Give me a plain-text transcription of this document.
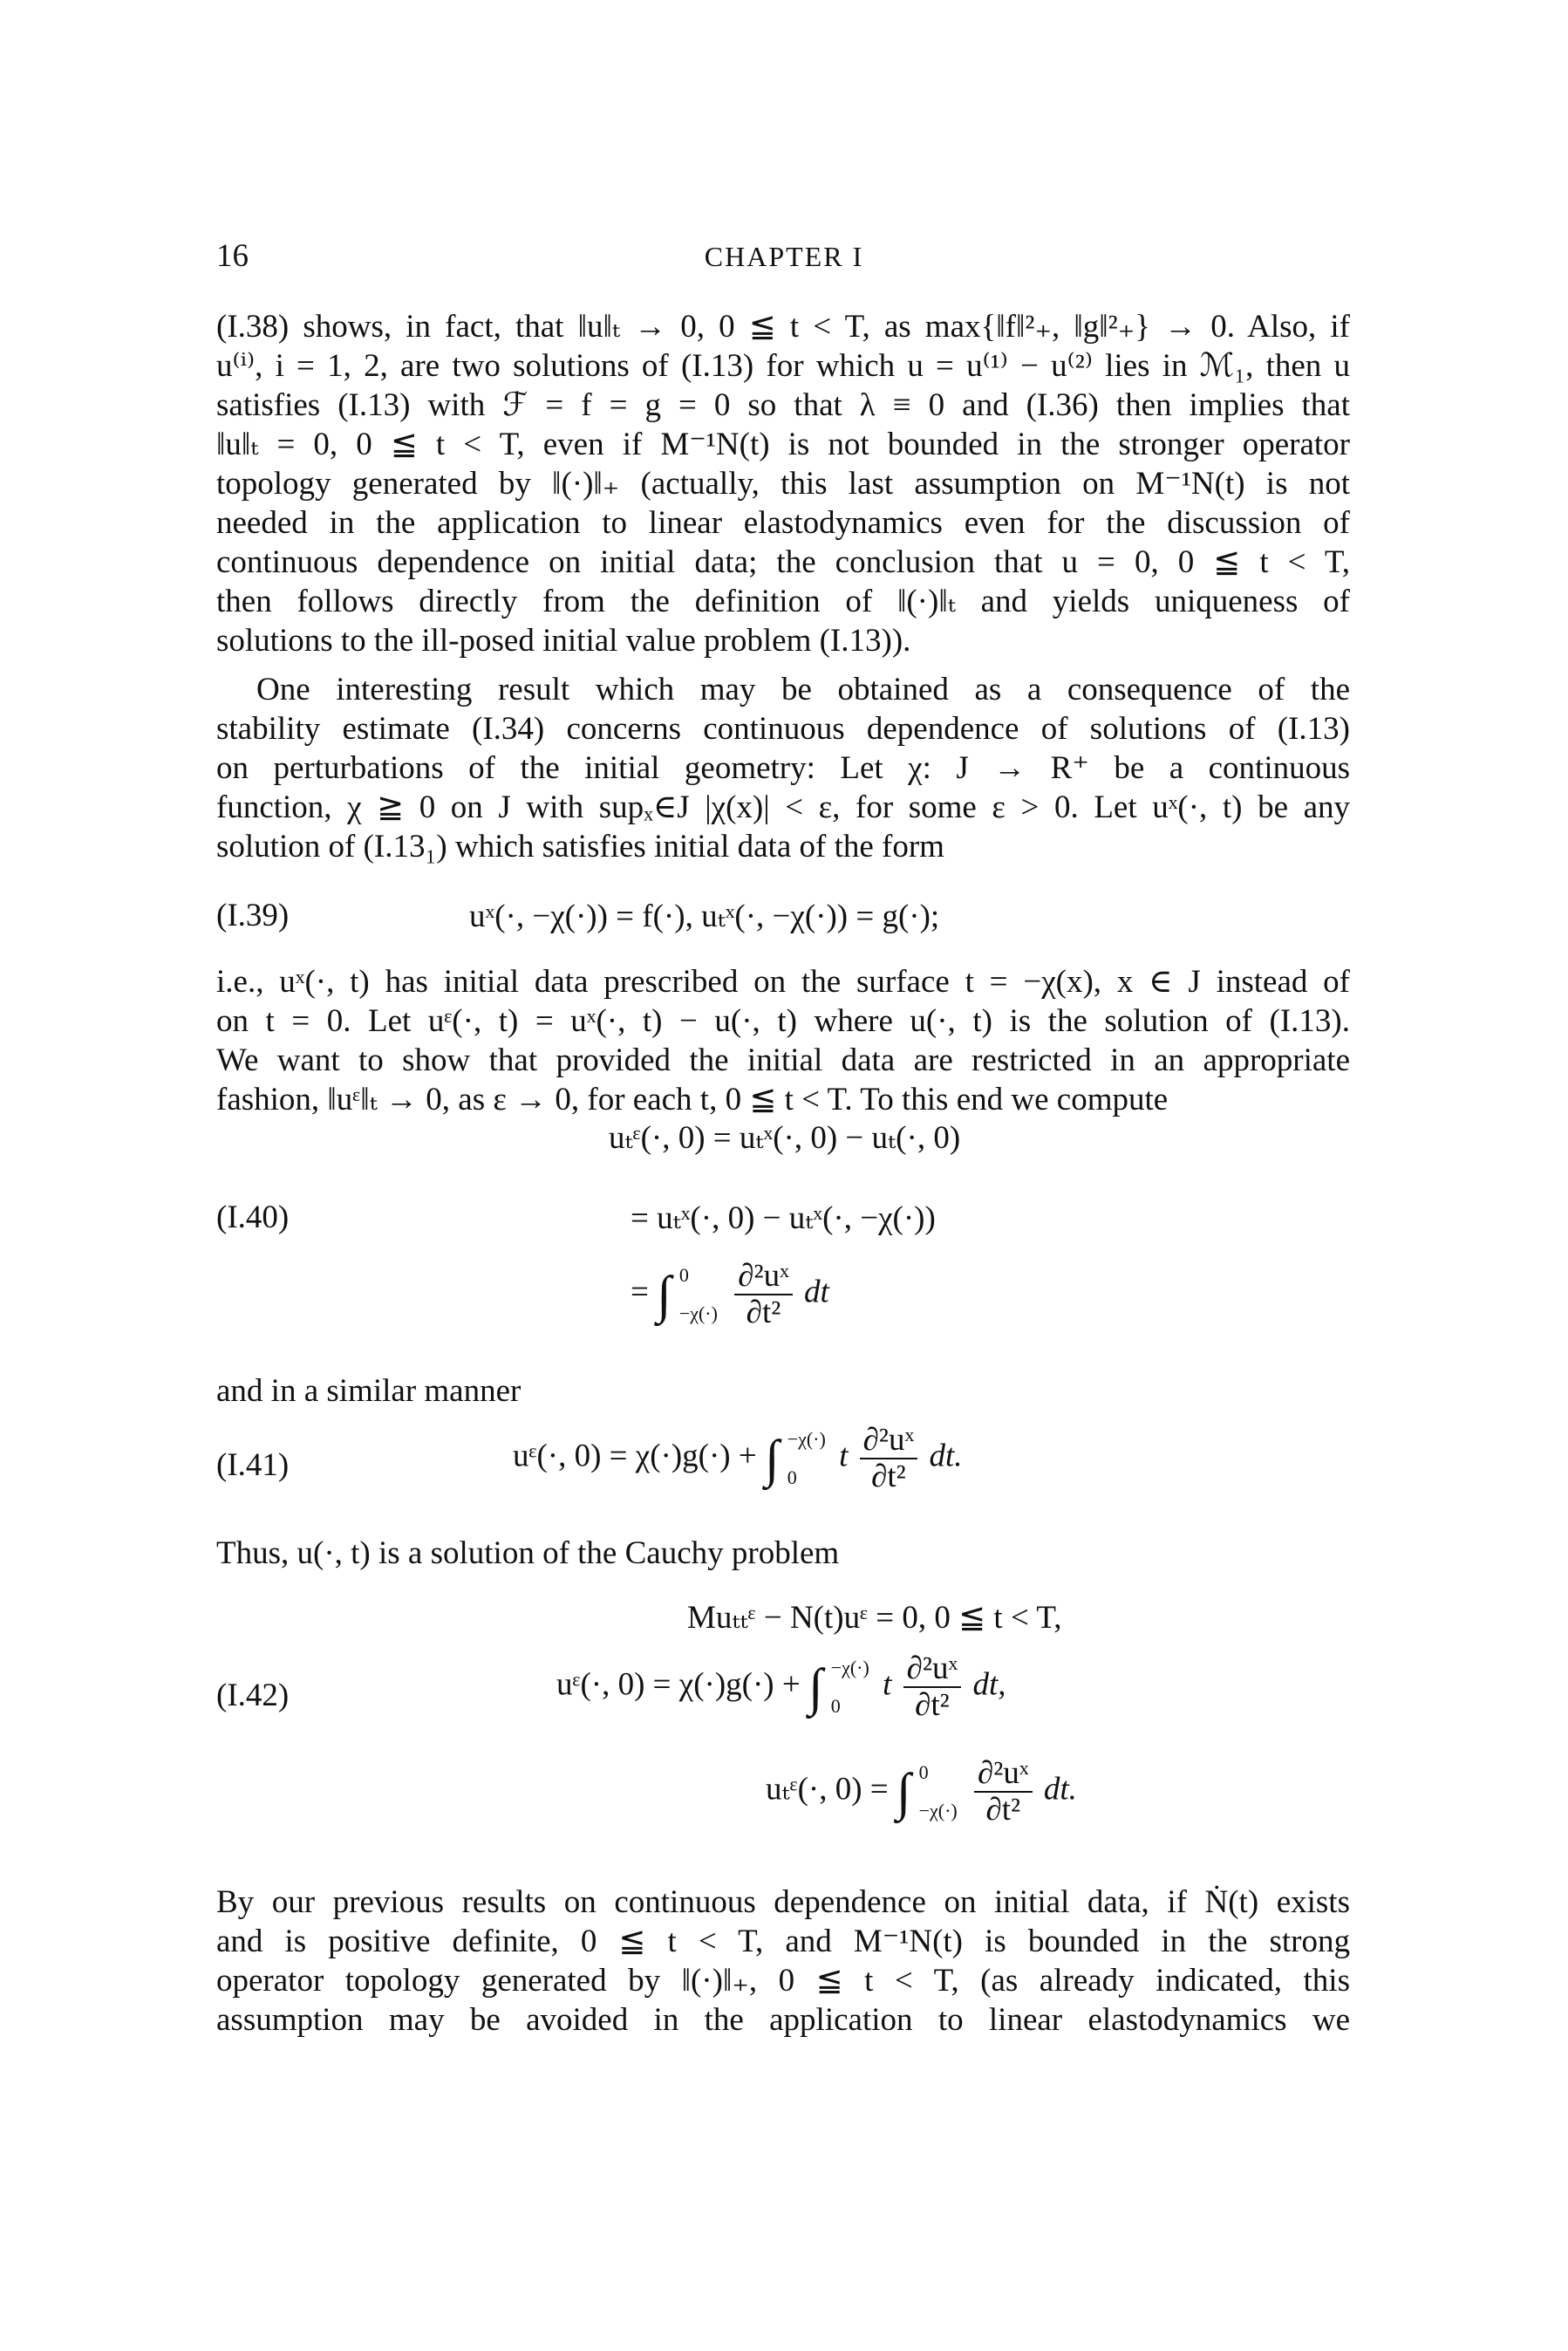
16	CHAPTER I

(I.38) shows, in fact, that ‖u‖ₜ → 0, 0 ≦ t < T, as max{‖f‖²₊, ‖g‖²₊} → 0. Also, if

u⁽ⁱ⁾, i = 1, 2, are two solutions of (I.13) for which u = u⁽¹⁾ − u⁽²⁾ lies in ℳ₁, then u

satisfies (I.13) with ℱ = f = g = 0 so that λ ≡ 0 and (I.36) then implies that

‖u‖ₜ = 0, 0 ≦ t < T, even if M⁻¹N(t) is not bounded in the stronger operator

topology generated by ‖(·)‖₊ (actually, this last assumption on M⁻¹N(t) is not

needed in the application to linear elastodynamics even for the discussion of

continuous dependence on initial data; the conclusion that u = 0, 0 ≦ t < T,

then follows directly from the definition of ‖(·)‖ₜ and yields uniqueness of

solutions to the ill-posed initial value problem (I.13)).

One interesting result which may be obtained as a consequence of the

stability estimate (I.34) concerns continuous dependence of solutions of (I.13)

on perturbations of the initial geometry: Let χ: J → R⁺ be a continuous

function, χ ≧ 0 on J with supₓ∈J |χ(x)| < ε, for some ε > 0. Let uˣ(·, t) be any

solution of (I.13₁) which satisfies initial data of the form

(I.39)	uˣ(·, −χ(·)) = f(·), uₜˣ(·, −χ(·)) = g(·);

i.e., uˣ(·, t) has initial data prescribed on the surface t = −χ(x), x ∈ J instead of

on t = 0. Let uᵋ(·, t) = uˣ(·, t) − u(·, t) where u(·, t) is the solution of (I.13).

We want to show that provided the initial data are restricted in an appropriate

fashion, ‖uᵋ‖ₜ → 0, as ε → 0, for each t, 0 ≦ t < T. To this end we compute

uₜᵋ(·, 0) = uₜˣ(·, 0) − uₜ(·, 0)
(I.40)	= uₜˣ(·, 0) − uₜˣ(·, −χ(·))
= ∫ 0
−χ(·)
$\frac{\text{∂²uˣ}}{\text{∂t²}}$ dt
and in a similar manner
(I.41)	uᵋ(·, 0) = χ(·)g(·) + ∫ −χ(·)
0
t $\frac{\text{∂²uˣ}}{\text{∂t²}}$ dt.
Thus, u(·, t) is a solution of the Cauchy problem
Muₜₜᵋ − N(t)uᵋ = 0, 0 ≦ t < T,
(I.42)	uᵋ(·, 0) = χ(·)g(·) + ∫ −χ(·)
0
t $\frac{\text{∂²uˣ}}{\text{∂t²}}$ dt,
uₜᵋ(·, 0) = ∫ 0
−χ(·)
$\frac{\text{∂²uˣ}}{\text{∂t²}}$ dt.

By our previous results on continuous dependence on initial data, if Ṅ(t) exists

and is positive definite, 0 ≦ t < T, and M⁻¹N(t) is bounded in the strong

operator topology generated by ‖(·)‖₊, 0 ≦ t < T, (as already indicated, this

assumption may be avoided in the application to linear elastodynamics we
